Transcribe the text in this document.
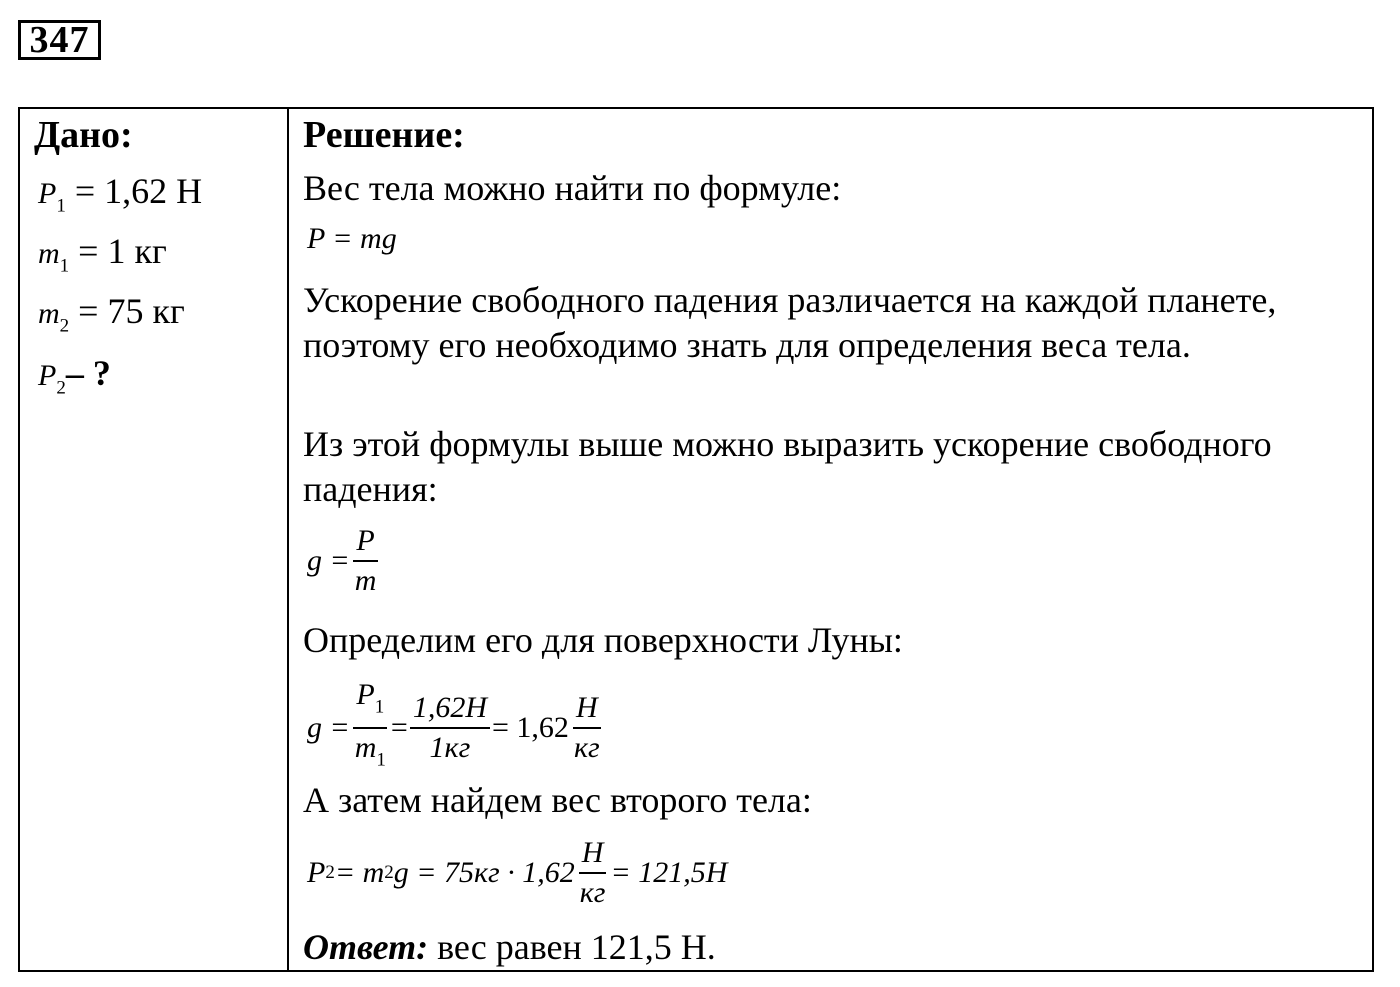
347
Дано:
$P_1 = 1,62$ Н
$m_1 = 1$ кг
$m_2 = 75$ кг
$P_2-$ ?
Решение:
Вес тела можно найти по формуле:
P = mg
Ускорение свободного падения различается на каждой планете, поэтому его необходимо знать для определения веса тела.
Из этой формулы выше можно выразить ускорение свободного падения:
$g = \frac{P}{m}$
Определим его для поверхности Луны:
$g = \frac{P_1}{m_1} = \frac{1,62Н}{1кг} = 1,62 \frac{Н}{кг}$
А затем найдем вес второго тела:
P 2 = m 2 $g = 75кг \cdot 1,62 \frac{Н}{кг} = 121,5Н$
Ответ: вес равен 121,5 Н.
